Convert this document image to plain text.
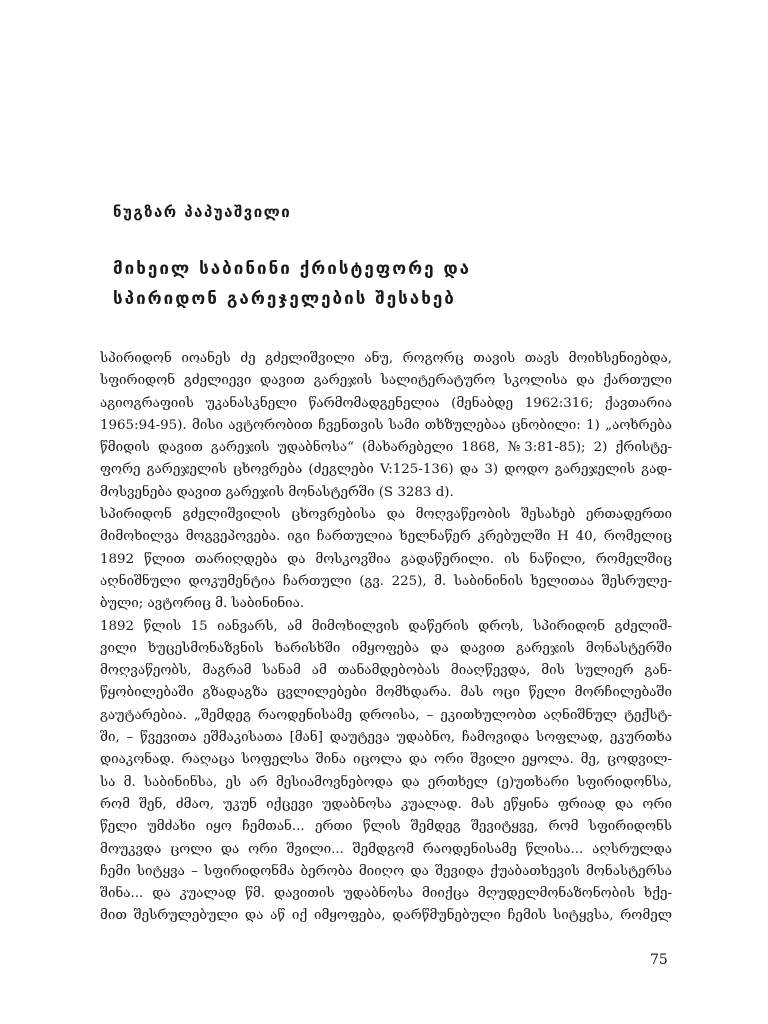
ნუგზარ პაპუაშვილი
მიხეილ საბინინი ქრისტეფორე და
სპირიდონ გარეჯელების შესახებ
სპირიდონ იოანეს ძე გძელიშვილი ანუ, როგორც თავის თავს მოიხსენიებდა,
სფირიდონ გძელიევი დავით გარეჯის სალიტერატურო სკოლისა და ქართული
აგიოგრაფიის უკანასკნელი წარმომადგენელია (მენაბდე 1962:316; ქავთარია
1965:94-95). მისი ავტორობით ჩვენთვის სამი თხზულებაა ცნობილი: 1) „აოხრება
წმიდის დავით გარეჯის უდაბნოსა“ (მახარებელი 1868, №3:81-85); 2) ქრისტე-
ფორე გარეჯელის ცხოვრება (ძეგლები V:125-136) და 3) დოდო გარეჯელის გად-
მოსვენება დავით გარეჯის მონასტერში (S 3283 d).
სპირიდონ გძელიშვილის ცხოვრებისა და მოღვაწეობის შესახებ ერთადერთი
მიმოხილვა მოგვეპოვება. იგი ჩართულია ხელნაწერ კრებულში H 40, რომელიც
1892 წლით თარიღდება და მოსკოვშია გადაწერილი. ის ნაწილი, რომელშიც
აღნიშნული დოკუმენტია ჩართული (გვ. 225), მ. საბინინის ხელითაა შესრულე-
ბული; ავტორიც მ. საბინინია.
1892 წლის 15 იანვარს, ამ მიმოხილვის დაწერის დროს, სპირიდონ გძელიშ-
ვილი ხუცესმონაზვნის ხარისხში იმყოფება და დავით გარეჯის მონასტერში
მოღვაწეობს, მაგრამ სანამ ამ თანამდებობას მიაღწევდა, მის სულიერ გან-
წყობილებაში გზადაგზა ცვლილებები მომხდარა. მას ოცი წელი მორჩილებაში
გაუტარებია. „შემდეგ რაოდენისამე დროისა, – ეკითხულობთ აღნიშნულ ტექსტ-
ში, – წვევითა ეშმაკისათა [მან] დაუტევა უდაბნო, ჩამოვიდა სოფლად, ეკურთხა
დიაკონად. რაღაცა სოფელსა შინა იცოლა და ორი შვილი ეყოლა. მე, ცოდვილ-
სა მ. საბინინსა, ეს არ მესიამოვნებოდა და ერთხელ (ე)უთხარი სფირიდონსა,
რომ შენ, ძმაო, უკუნ იქცევი უდაბნოსა კუალად. მას ეწყინა ფრიად და ორი
წელი უმძახი იყო ჩემთან... ერთი წლის შემდეგ შევიტყვე, რომ სფირიდონს
მოუკვდა ცოლი და ორი შვილი... შემდგომ რაოდენისამე წლისა... აღსრულდა
ჩემი სიტყვა – სფირიდონმა ბერობა მიიღო და შევიდა ქუაბათხევის მონასტერსა
შინა... და კუალად წმ. დავითის უდაბნოსა მიიქცა მღუდელმონაზონობის ხქე-
მით შესრულებული და აწ იქ იმყოფება, დარწმუნებული ჩემის სიტყვსა, რომელ
75
